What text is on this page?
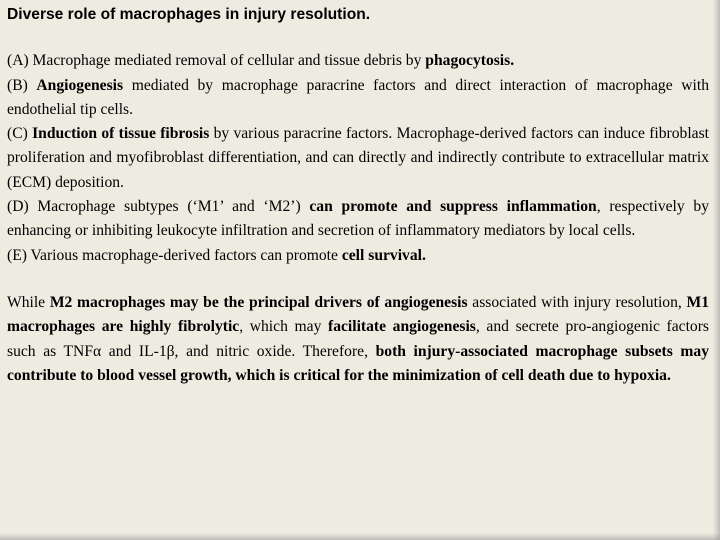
Diverse role of macrophages in injury resolution.

(A) Macrophage mediated removal of cellular and tissue debris by phagocytosis.

(B) Angiogenesis mediated by macrophage paracrine factors and direct interaction of macrophage with endothelial tip cells.

(C) Induction of tissue fibrosis by various paracrine factors. Macrophage-derived factors can induce fibroblast proliferation and myofibroblast differentiation, and can directly and indirectly contribute to extracellular matrix (ECM) deposition.

(D) Macrophage subtypes (‘M1’ and ‘M2’) can promote and suppress inflammation, respectively by enhancing or inhibiting leukocyte infiltration and secretion of inflammatory mediators by local cells.

(E) Various macrophage-derived factors can promote cell survival.

While M2 macrophages may be the principal drivers of angiogenesis associated with injury resolution, M1 macrophages are highly fibrolytic, which may facilitate angiogenesis, and secrete pro-angiogenic factors such as TNFα and IL-1β, and nitric oxide. Therefore, both injury-associated macrophage subsets may contribute to blood vessel growth, which is critical for the minimization of cell death due to hypoxia.
